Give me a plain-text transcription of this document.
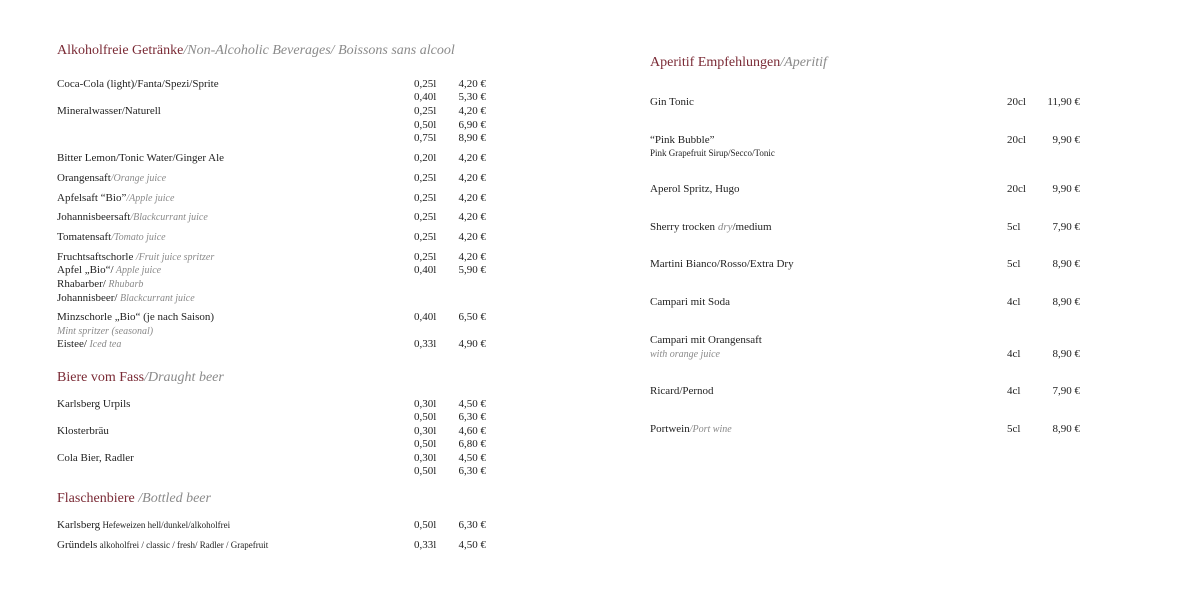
Alkoholfreie Getränke/Non-Alcoholic Beverages/ Boissons sans alcool
Coca-Cola (light)/Fanta/Spezi/Sprite	0,25l	4,20 €
0,40l	5,30 €
Mineralwasser/Naturell	0,25l	4,20 €
0,50l	6,90 €
0,75l	8,90 €
Bitter Lemon/Tonic Water/Ginger Ale	0,20l	4,20 €
Orangensaft/Orange juice	0,25l	4,20 €
Apfelsaft “Bio”/Apple juice	0,25l	4,20 €
Johannisbeersaft/Blackcurrant juice	0,25l	4,20 €
Tomatensaft/Tomato juice	0,25l	4,20 €
Fruchtsaftschorle /Fruit juice spritzer	0,25l	4,20 €
Apfel „Bio“/ Apple juice	0,40l	5,90 €
Rhabarber/ Rhubarb
Johannisbeer/ Blackcurrant juice
Minzschorle „Bio“ (je nach Saison)
Mint spritzer (seasonal)
0,40l	6,50 €
Eistee/ Iced tea	0,33l	4,90 €
Biere vom Fass/Draught beer
Karlsberg Urpils	0,30l	4,50 €
0,50l	6,30 €
Klosterbräu	0,30l	4,60 €
0,50l	6,80 €
Cola Bier, Radler	0,30l	4,50 €
0,50l	6,30 €
Flaschenbiere /Bottled beer
Karlsberg Hefeweizen hell/dunkel/alkoholfrei	0,50l	6,30 €
Gründels alkoholfrei / classic / fresh/ Radler / Grapefruit	0,33l	4,50 €
Aperitif Empfehlungen/Aperitif
Gin Tonic	20cl	11,90 €
“Pink Bubble”
Pink Grapefruit Sirup/Secco/Tonic
20cl	9,90 €
Aperol Spritz, Hugo	20cl	9,90 €
Sherry trocken dry/medium	5cl	7,90 €
Martini Bianco/Rosso/Extra Dry	5cl	8,90 €
Campari mit Soda	4cl	8,90 €
Campari mit Orangensaft
with orange juice	4cl	8,90 €
Ricard/Pernod	4cl	7,90 €
Portwein/Port wine	5cl	8,90 €
